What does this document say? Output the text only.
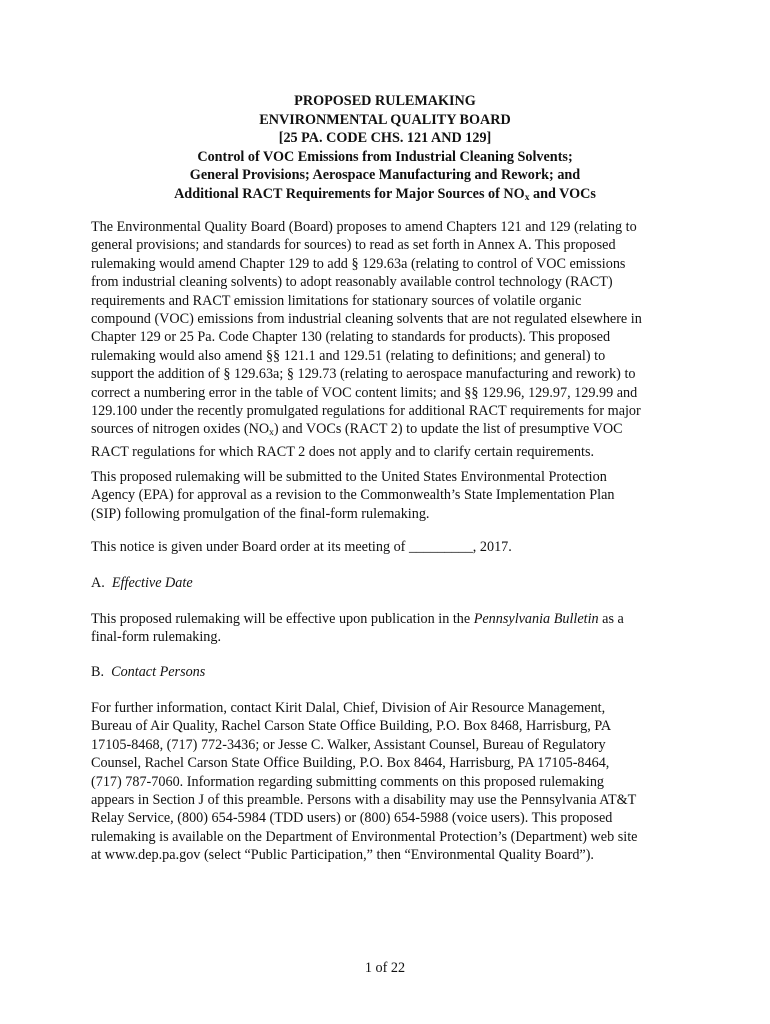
PROPOSED RULEMAKING
ENVIRONMENTAL QUALITY BOARD
[25 PA. CODE CHS. 121 AND 129]
Control of VOC Emissions from Industrial Cleaning Solvents;
General Provisions; Aerospace Manufacturing and Rework; and
Additional RACT Requirements for Major Sources of $NO_x$ and VOCs
The Environmental Quality Board (Board) proposes to amend Chapters 121 and 129 (relating to
general provisions; and standards for sources) to read as set forth in Annex A. This proposed
rulemaking would amend Chapter 129 to add § 129.63a (relating to control of VOC emissions
from industrial cleaning solvents) to adopt reasonably available control technology (RACT)
requirements and RACT emission limitations for stationary sources of volatile organic
compound (VOC) emissions from industrial cleaning solvents that are not regulated elsewhere in
Chapter 129 or 25 Pa. Code Chapter 130 (relating to standards for products). This proposed
rulemaking would also amend §§ 121.1 and 129.51 (relating to definitions; and general) to
support the addition of § 129.63a; § 129.73 (relating to aerospace manufacturing and rework) to
correct a numbering error in the table of VOC content limits; and §§ 129.96, 129.97, 129.99 and
129.100 under the recently promulgated regulations for additional RACT requirements for major
sources of nitrogen oxides $(NO_x)$ and VOCs (RACT 2) to update the list of presumptive VOC
RACT regulations for which RACT 2 does not apply and to clarify certain requirements.
This proposed rulemaking will be submitted to the United States Environmental Protection
Agency (EPA) for approval as a revision to the Commonwealth’s State Implementation Plan
(SIP) following promulgation of the final-form rulemaking.
This notice is given under Board order at its meeting of _________, 2017.
A. Effective Date
This proposed rulemaking will be effective upon publication in the Pennsylvania Bulletin as a
final-form rulemaking.
B. Contact Persons
For further information, contact Kirit Dalal, Chief, Division of Air Resource Management,
Bureau of Air Quality, Rachel Carson State Office Building, P.O. Box 8468, Harrisburg, PA
17105-8468, (717) 772-3436; or Jesse C. Walker, Assistant Counsel, Bureau of Regulatory
Counsel, Rachel Carson State Office Building, P.O. Box 8464, Harrisburg, PA 17105-8464,
(717) 787-7060. Information regarding submitting comments on this proposed rulemaking
appears in Section J of this preamble. Persons with a disability may use the Pennsylvania AT&T
Relay Service, (800) 654-5984 (TDD users) or (800) 654-5988 (voice users). This proposed
rulemaking is available on the Department of Environmental Protection’s (Department) web site
at www.dep.pa.gov (select “Public Participation,” then “Environmental Quality Board”).
1 of 22
